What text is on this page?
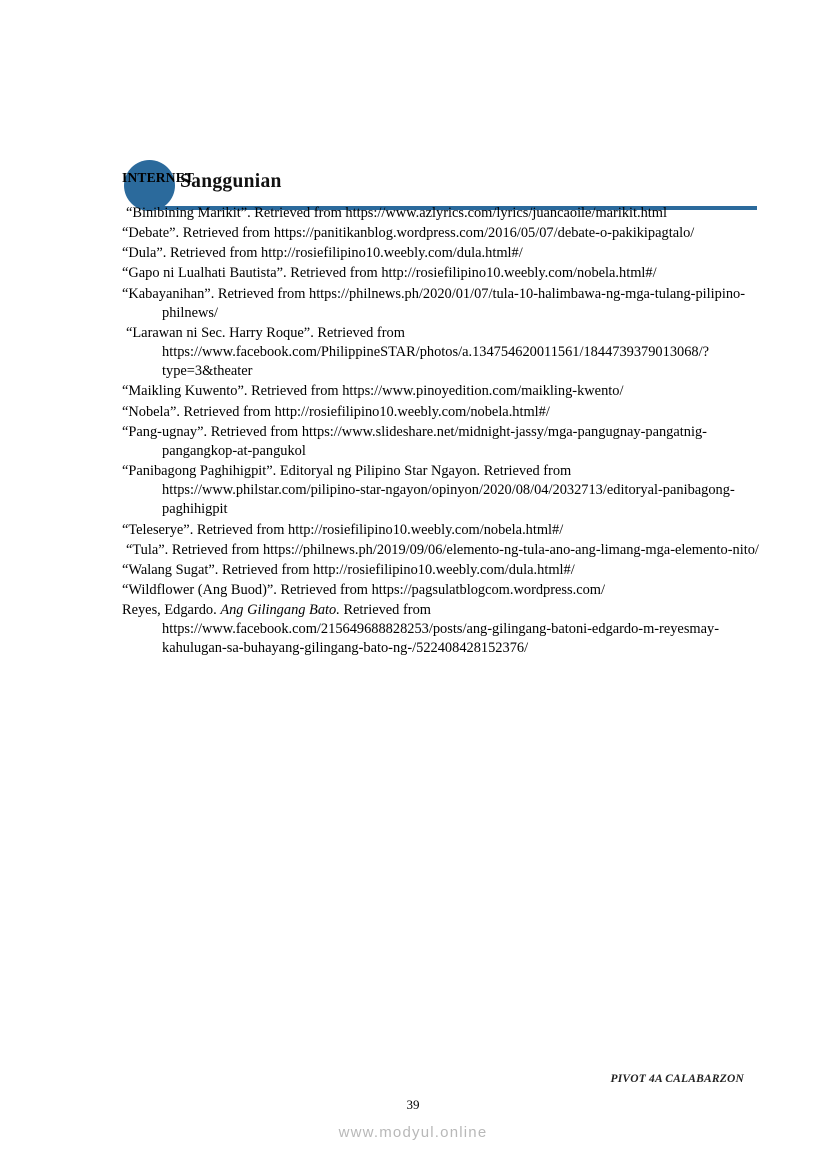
Sanggunian
INTERNET
“Binibining Marikit”. Retrieved from https://www.azlyrics.com/lyrics/juancaoile/marikit.html
“Debate”. Retrieved from https://panitikanblog.wordpress.com/2016/05/07/debate-o-pakikipagtalo/
“Dula”. Retrieved from http://rosiefilipino10.weebly.com/dula.html#/
“Gapo ni Lualhati Bautista”. Retrieved from http://rosiefilipino10.weebly.com/nobela.html#/
“Kabayanihan”. Retrieved from https://philnews.ph/2020/01/07/tula-10-halimbawa-ng-mga-tulang-pilipino-philnews/
“Larawan ni Sec. Harry Roque”. Retrieved from https://www.facebook.com/PhilippineSTAR/photos/a.134754620011561/1844739379013068/?type=3&theater
“Maikling Kuwento”. Retrieved from https://www.pinoyedition.com/maikling-kwento/
“Nobela”. Retrieved from http://rosiefilipino10.weebly.com/nobela.html#/
“Pang-ugnay”. Retrieved from https://www.slideshare.net/midnight-jassy/mga-pangugnay-pangatnig-pangangkop-at-pangukol
“Panibagong Paghihigpit”. Editoryal ng Pilipino Star Ngayon. Retrieved from https://www.philstar.com/pilipino-star-ngayon/opinyon/2020/08/04/2032713/editoryal-panibagong-paghihigpit
“Teleserye”. Retrieved from http://rosiefilipino10.weebly.com/nobela.html#/
“Tula”. Retrieved from https://philnews.ph/2019/09/06/elemento-ng-tula-ano-ang-limang-mga-elemento-nito/
“Walang Sugat”. Retrieved from http://rosiefilipino10.weebly.com/dula.html#/
“Wildflower (Ang Buod)”. Retrieved from https://pagsulatblogcom.wordpress.com/
Reyes, Edgardo. Ang Gilingang Bato. Retrieved from https://www.facebook.com/215649688828253/posts/ang-gilingang-batoni-edgardo-m-reyesmay-kahulugan-sa-buhayang-gilingang-bato-ng-/522408428152376/
PIVOT 4A CALABARZON
39
www.modyul.online
